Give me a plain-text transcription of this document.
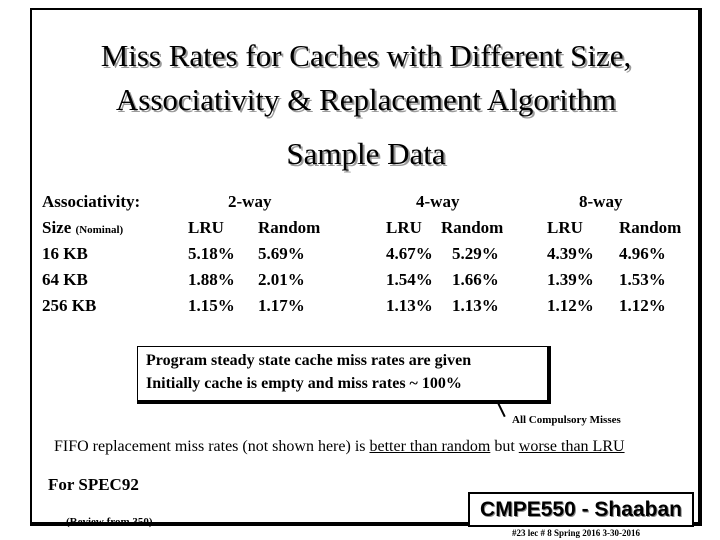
Miss Rates for Caches with Different Size,
Associativity & Replacement Algorithm
Sample Data
Associativity:	2-way	4-way	8-way
Size (Nominal)	LRU Random	LRU Random	LRU Random
16 KB	5.18% 5.69%	4.67% 5.29%	4.39% 4.96%
64 KB	1.88% 2.01%	1.54% 1.66%	1.39% 1.53%
256 KB	1.15% 1.17%	1.13% 1.13%	1.12% 1.12%
Program steady state cache miss rates are given
Initially cache is empty and miss rates ~ 100%
All Compulsory Misses
FIFO replacement miss rates (not shown here) is better than random but worse than LRU
For SPEC92
(Review from 350)
CMPE550 - Shaaban
#23 lec # 8 Spring 2016 3-30-2016
